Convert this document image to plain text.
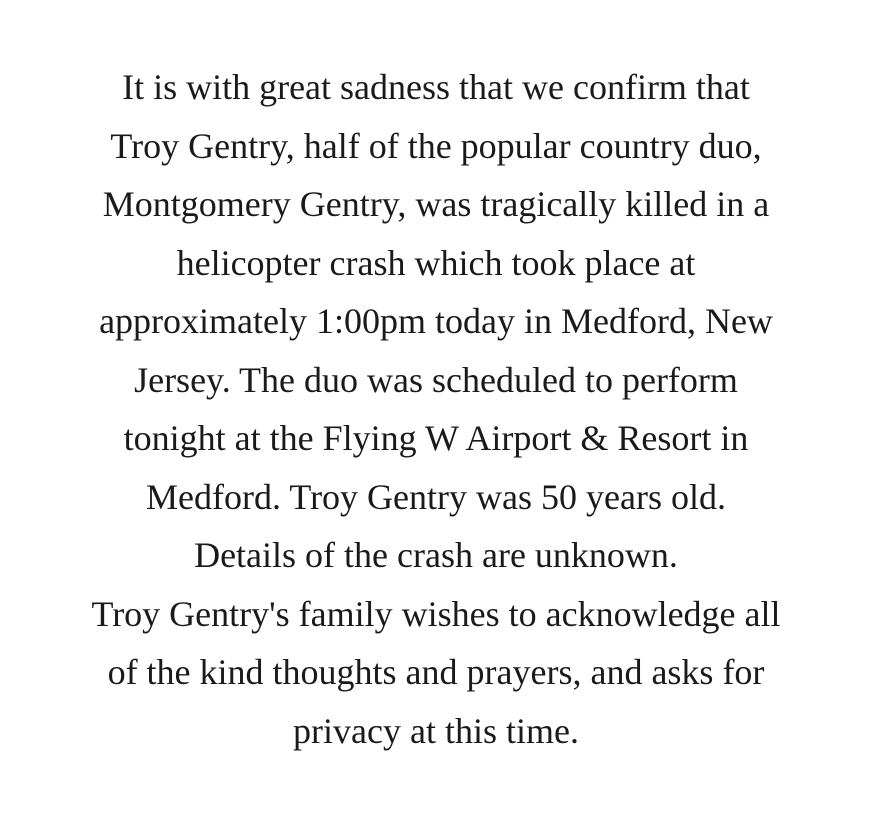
It is with great sadness that we confirm that
Troy Gentry, half of the popular country duo,
Montgomery Gentry, was tragically killed in a
helicopter crash which took place at
approximately 1:00pm today in Medford, New
Jersey. The duo was scheduled to perform
tonight at the Flying W Airport & Resort in
Medford. Troy Gentry was 50 years old.
Details of the crash are unknown.
Troy Gentry's family wishes to acknowledge all
of the kind thoughts and prayers, and asks for
privacy at this time.
